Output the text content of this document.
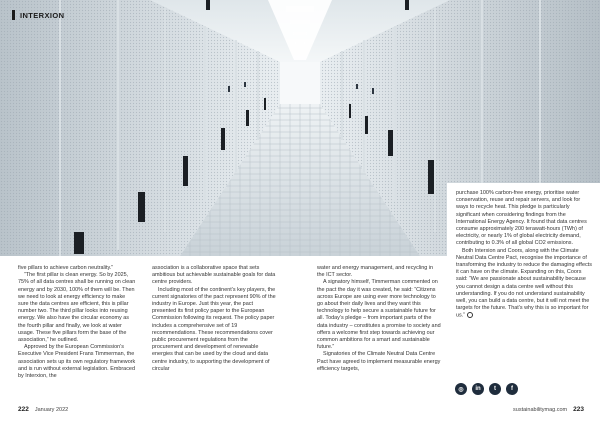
INTERXION

five pillars to achieve carbon neutrality.”

“The first pillar is clean energy. So by 2025, 75% of all data centres shall be running on clean energy and by 2030, 100% of them will be. Then we need to look at energy efficiency to make sure the data centres are efficient, this is pillar number two. The third pillar looks into reusing energy. We also have the circular economy as the fourth pillar and finally, we look at water usage. These five pillars form the base of the association,” he outlined.

Approved by the European Commission’s Executive Vice President Frans Timmerman, the association sets up its own regulatory framework and is run without external legislation. Embraced by Interxion, the

association is a collaborative space that sets ambitious but achievable sustainable goals for data centre providers.

Including most of the continent’s key players, the current signatories of the pact represent 90% of the industry in Europe. Just this year, the pact presented its first policy paper to the European Commission following its request. The policy paper includes a comprehensive set of 19 recommendations. These recommendations cover public procurement regulations from the procurement and development of renewable energies that can be used by the cloud and data centre industry, to supporting the development of circular

water and energy management, and recycling in the ICT sector.

A signatory himself, Timmerman commented on the pact the day it was created, he said: “Citizens across Europe are using ever more technology to go about their daily lives and they want this technology to help secure a sustainable future for all. Today’s pledge – from important parts of the data industry – constitutes a promise to society and offers a welcome first step towards achieving our common ambitions for a smart and sustainable future.”

Signatories of the Climate Neutral Data Centre Pact have agreed to implement measurable energy efficiency targets,

purchase 100% carbon-free energy, prioritise water conservation, reuse and repair servers, and look for ways to recycle heat. This pledge is particularly significant when considering findings from the International Energy Agency. It found that data centres consume approximately 200 terawatt-hours (TWh) of electricity, or nearly 1% of global electricity demand, contributing to 0.3% of all global CO2 emissions.

Both Interxion and Coors, along with the Climate Neutral Data Centre Pact, recognise the importance of transforming the industry to reduce the damaging effects it can have on the climate. Expanding on this, Coors said: “We are passionate about sustainability because you cannot design a data centre well without this understanding. If you do not understand sustainability well, you can build a data centre, but it will not meet the targets for the future. That’s why this is so important for us.”

◎	in	t	f
222 January 2022	sustainabilitymag.com 223
